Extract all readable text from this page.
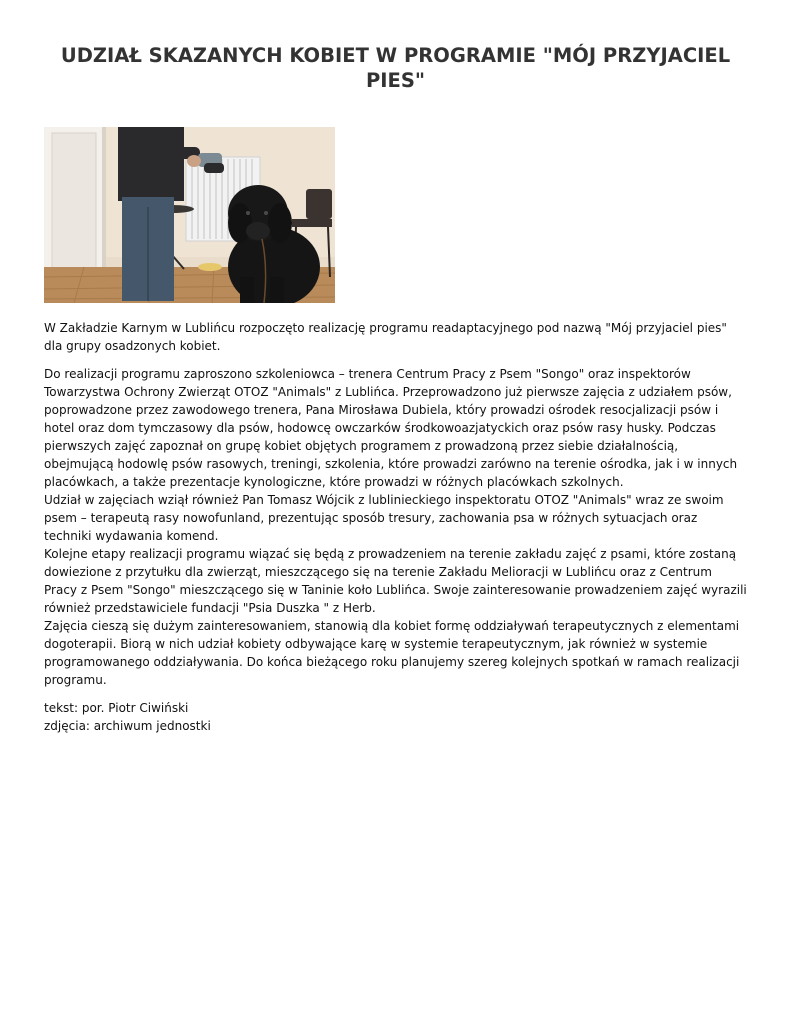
UDZIAŁ SKAZANYCH KOBIET W PROGRAMIE "MÓJ PRZYJACIEL PIES"

W Zakładzie Karnym w Lublińcu rozpoczęto realizację programu readaptacyjnego pod nazwą "Mój przyjaciel pies" dla grupy osadzonych kobiet.

Do realizacji programu zaproszono szkoleniowca – trenera Centrum Pracy z Psem "Songo" oraz inspektorów Towarzystwa Ochrony Zwierząt OTOZ "Animals" z Lublińca. Przeprowadzono już pierwsze zajęcia z udziałem psów, poprowadzone przez zawodowego trenera, Pana Mirosława Dubiela, który prowadzi ośrodek resocjalizacji psów i hotel oraz dom tymczasowy dla psów, hodowcę owczarków środkowoazjatyckich oraz psów rasy husky. Podczas pierwszych zajęć zapoznał on grupę kobiet objętych programem z prowadzoną przez siebie działalnością, obejmującą hodowlę psów rasowych, treningi, szkolenia, które prowadzi zarówno na terenie ośrodka, jak i w innych placówkach, a także prezentacje kynologiczne, które prowadzi w różnych placówkach szkolnych.

Udział w zajęciach wziął również Pan Tomasz Wójcik z lublinieckiego inspektoratu OTOZ "Animals" wraz ze swoim psem – terapeutą rasy nowofunland, prezentując sposób tresury, zachowania psa w różnych sytuacjach oraz techniki wydawania komend.

Kolejne etapy realizacji programu wiązać się będą z prowadzeniem na terenie zakładu zajęć z psami, które zostaną dowiezione z przytułku dla zwierząt, mieszczącego się na terenie Zakładu Melioracji w Lublińcu oraz z Centrum Pracy z Psem "Songo" mieszczącego się w Taninie koło Lublińca. Swoje zainteresowanie prowadzeniem zajęć wyrazili również przedstawiciele fundacji "Psia Duszka " z Herb.

Zajęcia cieszą się dużym zainteresowaniem, stanowią dla kobiet formę oddziaływań terapeutycznych z elementami dogoterapii. Biorą w nich udział kobiety odbywające karę w systemie terapeutycznym, jak również w systemie programowanego oddziaływania. Do końca bieżącego roku planujemy szereg kolejnych spotkań w ramach realizacji programu.

tekst: por. Piotr Ciwiński
zdjęcia: archiwum jednostki
